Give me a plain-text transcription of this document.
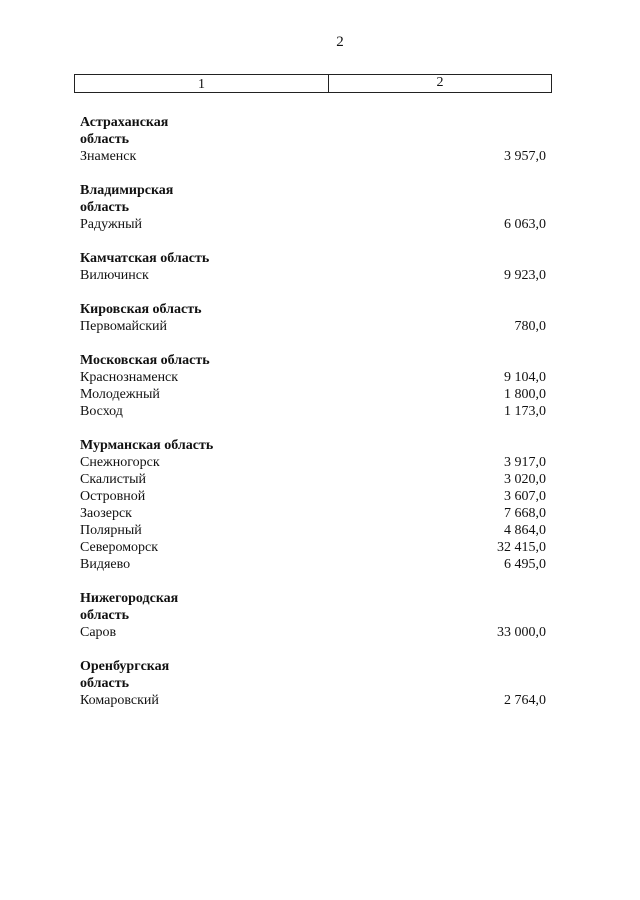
2
1	2
Астраханская область
Знаменск	3 957,0
Владимирская область
Радужный	6 063,0
Камчатская область
Вилючинск	9 923,0
Кировская область
Первомайский	780,0
Московская область
Краснознаменск	9 104,0
Молодежный	1 800,0
Восход	1 173,0
Мурманская область
Снежногорск	3 917,0
Скалистый	3 020,0
Островной	3 607,0
Заозерск	7 668,0
Полярный	4 864,0
Североморск	32 415,0
Видяево	6 495,0
Нижегородская область
Саров	33 000,0
Оренбургская область
Комаровский	2 764,0
